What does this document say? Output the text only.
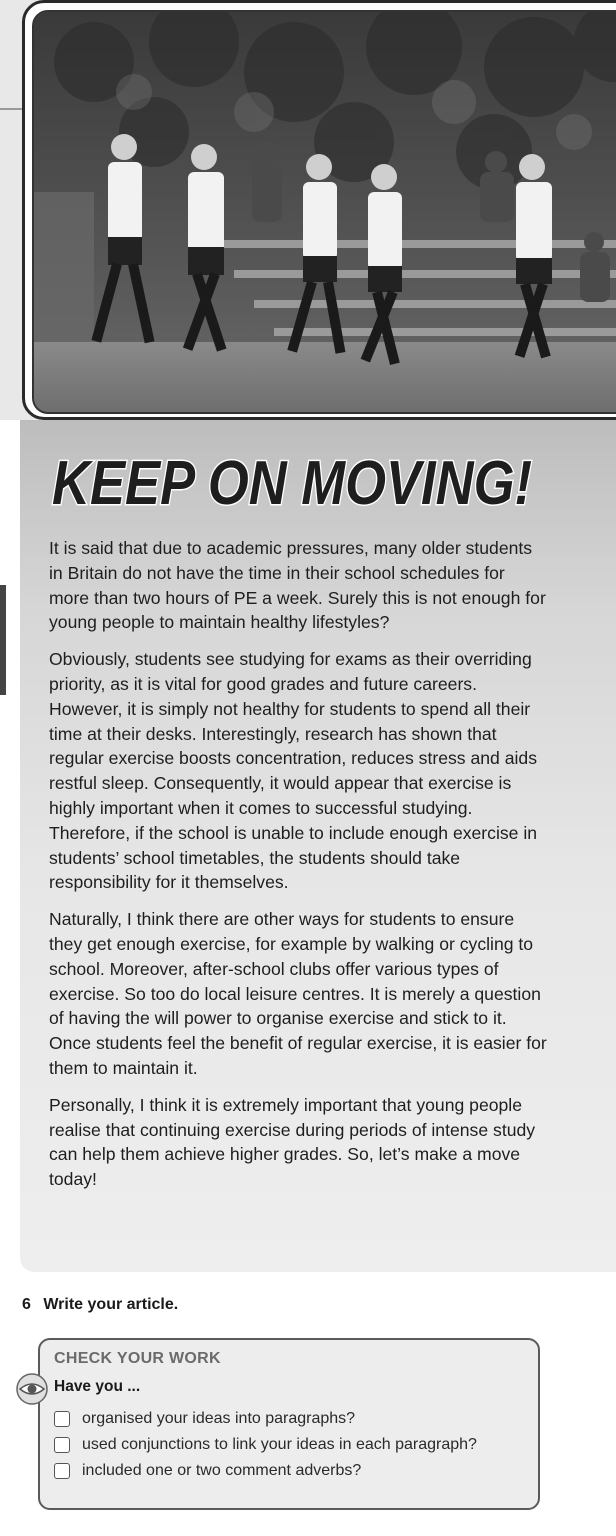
KEEP ON MOVING!

It is said that due to academic pressures, many older students in Britain do not have the time in their school schedules for more than two hours of PE a week. Surely this is not enough for young people to maintain healthy lifestyles?

Obviously, students see studying for exams as their overriding priority, as it is vital for good grades and future careers. However, it is simply not healthy for students to spend all their time at their desks. Interestingly, research has shown that regular exercise boosts concentration, reduces stress and aids restful sleep. Consequently, it would appear that exercise is highly important when it comes to successful studying. Therefore, if the school is unable to include enough exercise in students’ school timetables, the students should take responsibility for it themselves.

Naturally, I think there are other ways for students to ensure they get enough exercise, for example by walking or cycling to school. Moreover, after-school clubs offer various types of exercise. So too do local leisure centres. It is merely a question of having the will power to organise exercise and stick to it. Once students feel the benefit of regular exercise, it is easier for them to maintain it.

Personally, I think it is extremely important that young people realise that continuing exercise during periods of intense study can help them achieve higher grades. So, let’s make a move today!

6 Write your article.
CHECK YOUR WORK
Have you ...
organised your ideas into paragraphs?
used conjunctions to link your ideas in each paragraph?
included one or two comment adverbs?
